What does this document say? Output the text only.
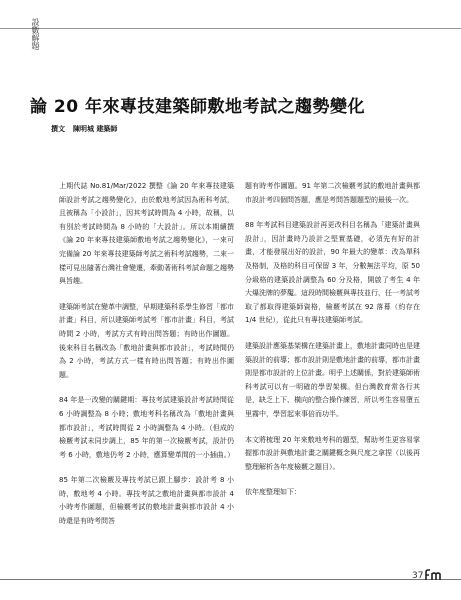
設數解題
論 20 年來專技建築師敷地考試之趨勢變化
撰文 陳明城 建築師

上期代誌 No.81/Mar/2022 撰整《論 20 年來專技建築師設計考試之趨勢變化》，由於敷地考試因為術科考試，且被稱為「小設計」，因其考試時間為 4 小時，故稱，以有別於考試時間為 8 小時的「大設計」。所以本期續撰《論 20 年來專技建築師敷地考試之趨勢變化》，一來可完備論 20 年來專技建築師考試之術科考試趨勢，二來一樣可見出隨著台灣社會變遷，牽動著術科考試命題之趨勢與旨趣。

建築師考試在變革中調整，早期建築科系學生修習「都市計畫」科目，所以建築師考試考「都市計畫」科目，考試時間 2 小時，考試方式有時出問答題；有時出作圖題。後來科目名稱改為「敷地計畫與都市設計」，考試時間仍為 2 小時，考試方式一樣有時出問答題；有時出作圖題。

84 年是一改變的關鍵期：專技考試建築設計考試時間從 6 小時調整為 8 小時；敷地考科名稱改為「敷地計畫與都市設計」，考試時間從 2 小時調整為 4 小時。（但成的檢覈考試未同步調上，85 年的第一次檢覈考試，設計仍考 6 小時，敷地仍考 2 小時，應算變革間的一小插曲。）

85 年第二次檢覈及專技考試已跟上腳步：設計考 8 小時，敷地考 4 小時。專技考試之敷地計畫與都市設計 4 小時考作圖題，但檢覈考試的敷地計畫與都市設計 4 小時還是有時考問答

題有時考作圖題。91 年第二次檢覈考試的敷地計畫與都市設計考四個問答題，應是考問答題題型的最後一次。

88 年考試科目建築設計再更改科目名稱為「建築計畫與設計」，因計畫時乃設計之堅實基礎，必須先有好的計畫，才能發展出好的設計，90 年最大的變革：改為單科及格制，及格的科目可保留 3 年，分數無法平均，原 50 分級格的建築設計調整為 60 分及格，開啟了考生 4 年大爆洗牌的夢魘。這段時間檢覈與專技並行，任一考試考取了都取得建築師資格，檢覈考試在 92 落幕（約存在 1/4 世紀），從此只有專技建築師考試。

建築設計應築基架構在建築計畫上，敷地計畫同時也是建築設計的前導；都市設計則是敷地計畫的前導，都市計畫則是都市設計的上位計畫。明乎上述關係，對於建築師術科考試可以有一明確的學習架構。但台灣教育常各行其是，缺乏上下、橫向的整合操作練習，所以考生容易墮五里霧中，學習起來事倍而功半。

本文將梳理 20 年來敷地考科的題型，幫助考生更容易掌握都市設計與敷地計畫之關鍵概念與尺度之拿捏（以後再整理解析各年度檢覈之題目）。

依年度整理如下：

37
